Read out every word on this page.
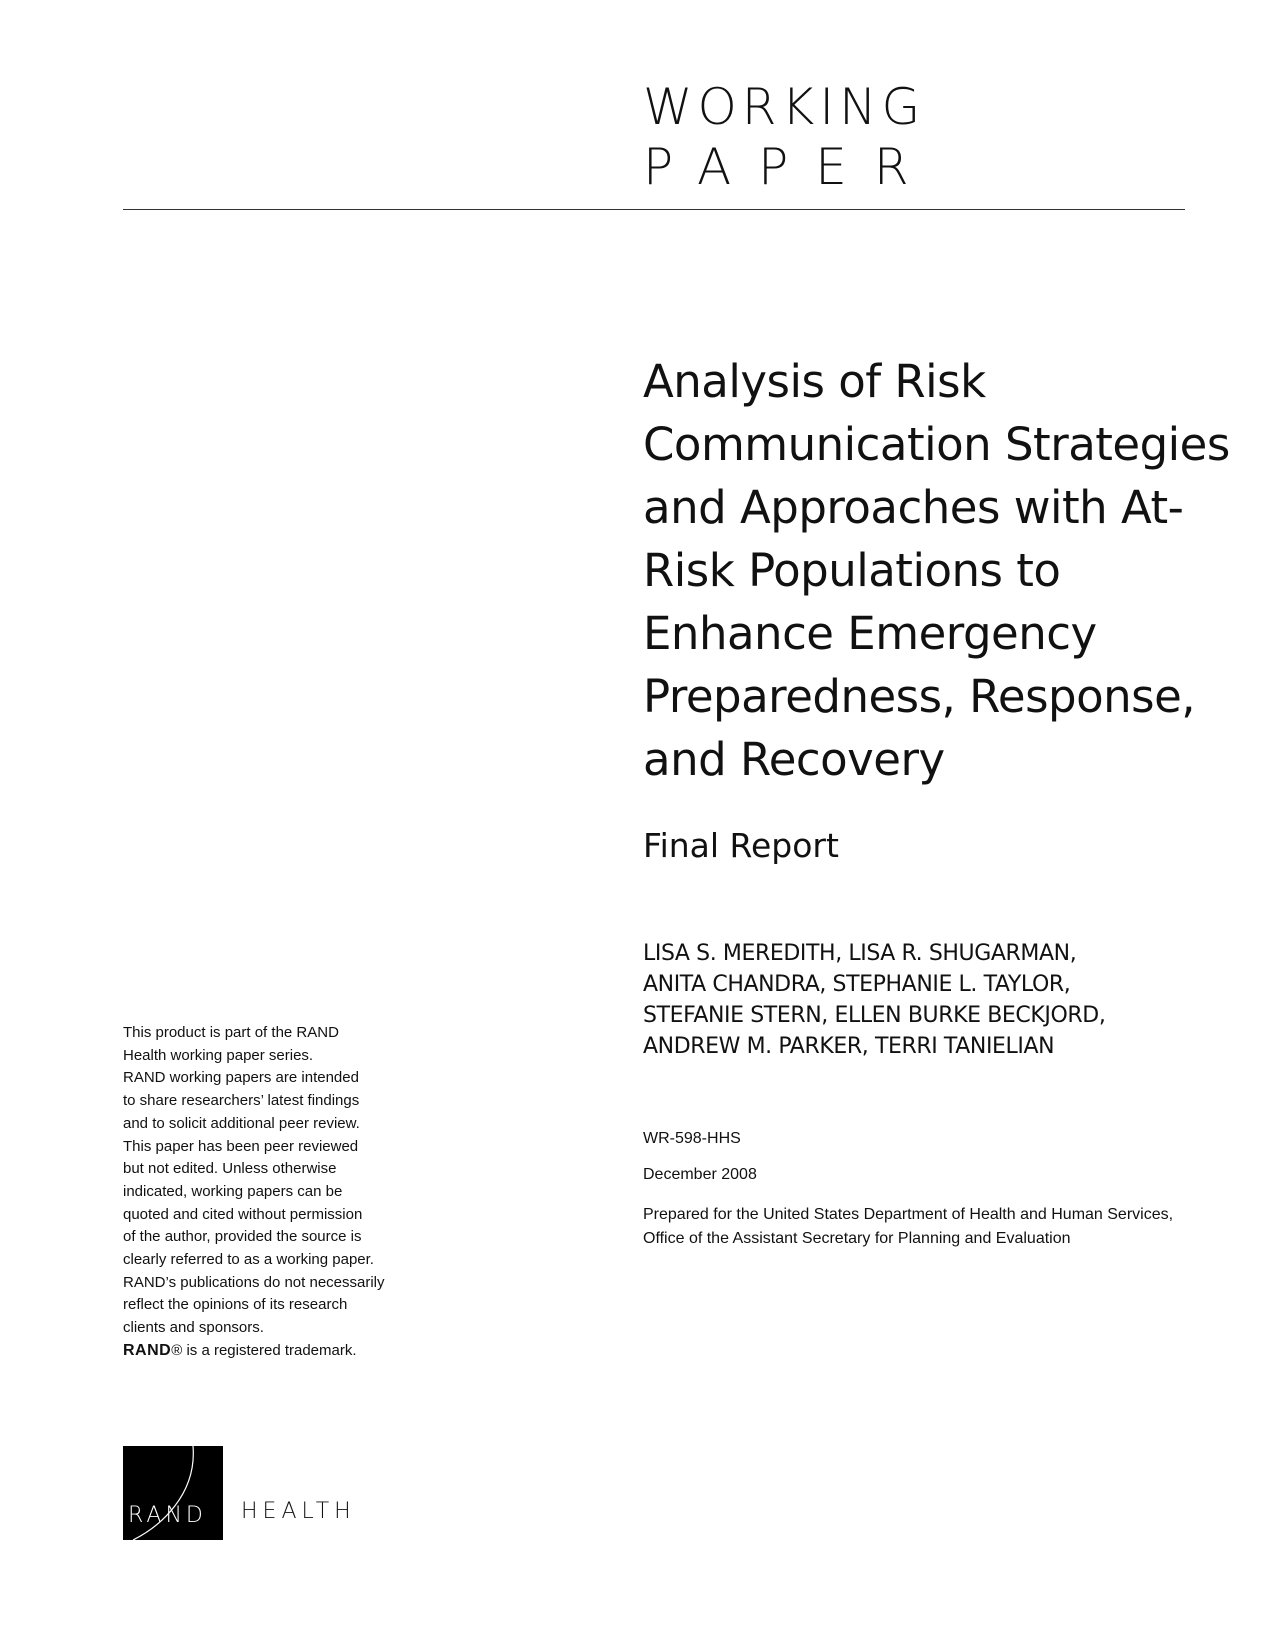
WORKING
PAPER
Analysis of Risk
Communication Strategies
and Approaches with At-
Risk Populations to
Enhance Emergency
Preparedness, Response,
and Recovery

Final Report

LISA S. MEREDITH, LISA R. SHUGARMAN,
ANITA CHANDRA, STEPHANIE L. TAYLOR,
STEFANIE STERN, ELLEN BURKE BECKJORD,
ANDREW M. PARKER, TERRI TANIELIAN

WR-598-HHS

December 2008

Prepared for the United States Department of Health and Human Services,
Office of the Assistant Secretary for Planning and Evaluation

This product is part of the RAND
Health working paper series.
RAND working papers are intended
to share researchers’ latest findings
and to solicit additional peer review.
This paper has been peer reviewed
but not edited. Unless otherwise
indicated, working papers can be
quoted and cited without permission
of the author, provided the source is
clearly referred to as a working paper.
RAND’s publications do not necessarily
reflect the opinions of its research
clients and sponsors.
RAND® is a registered trademark.

RAND HEALTH
